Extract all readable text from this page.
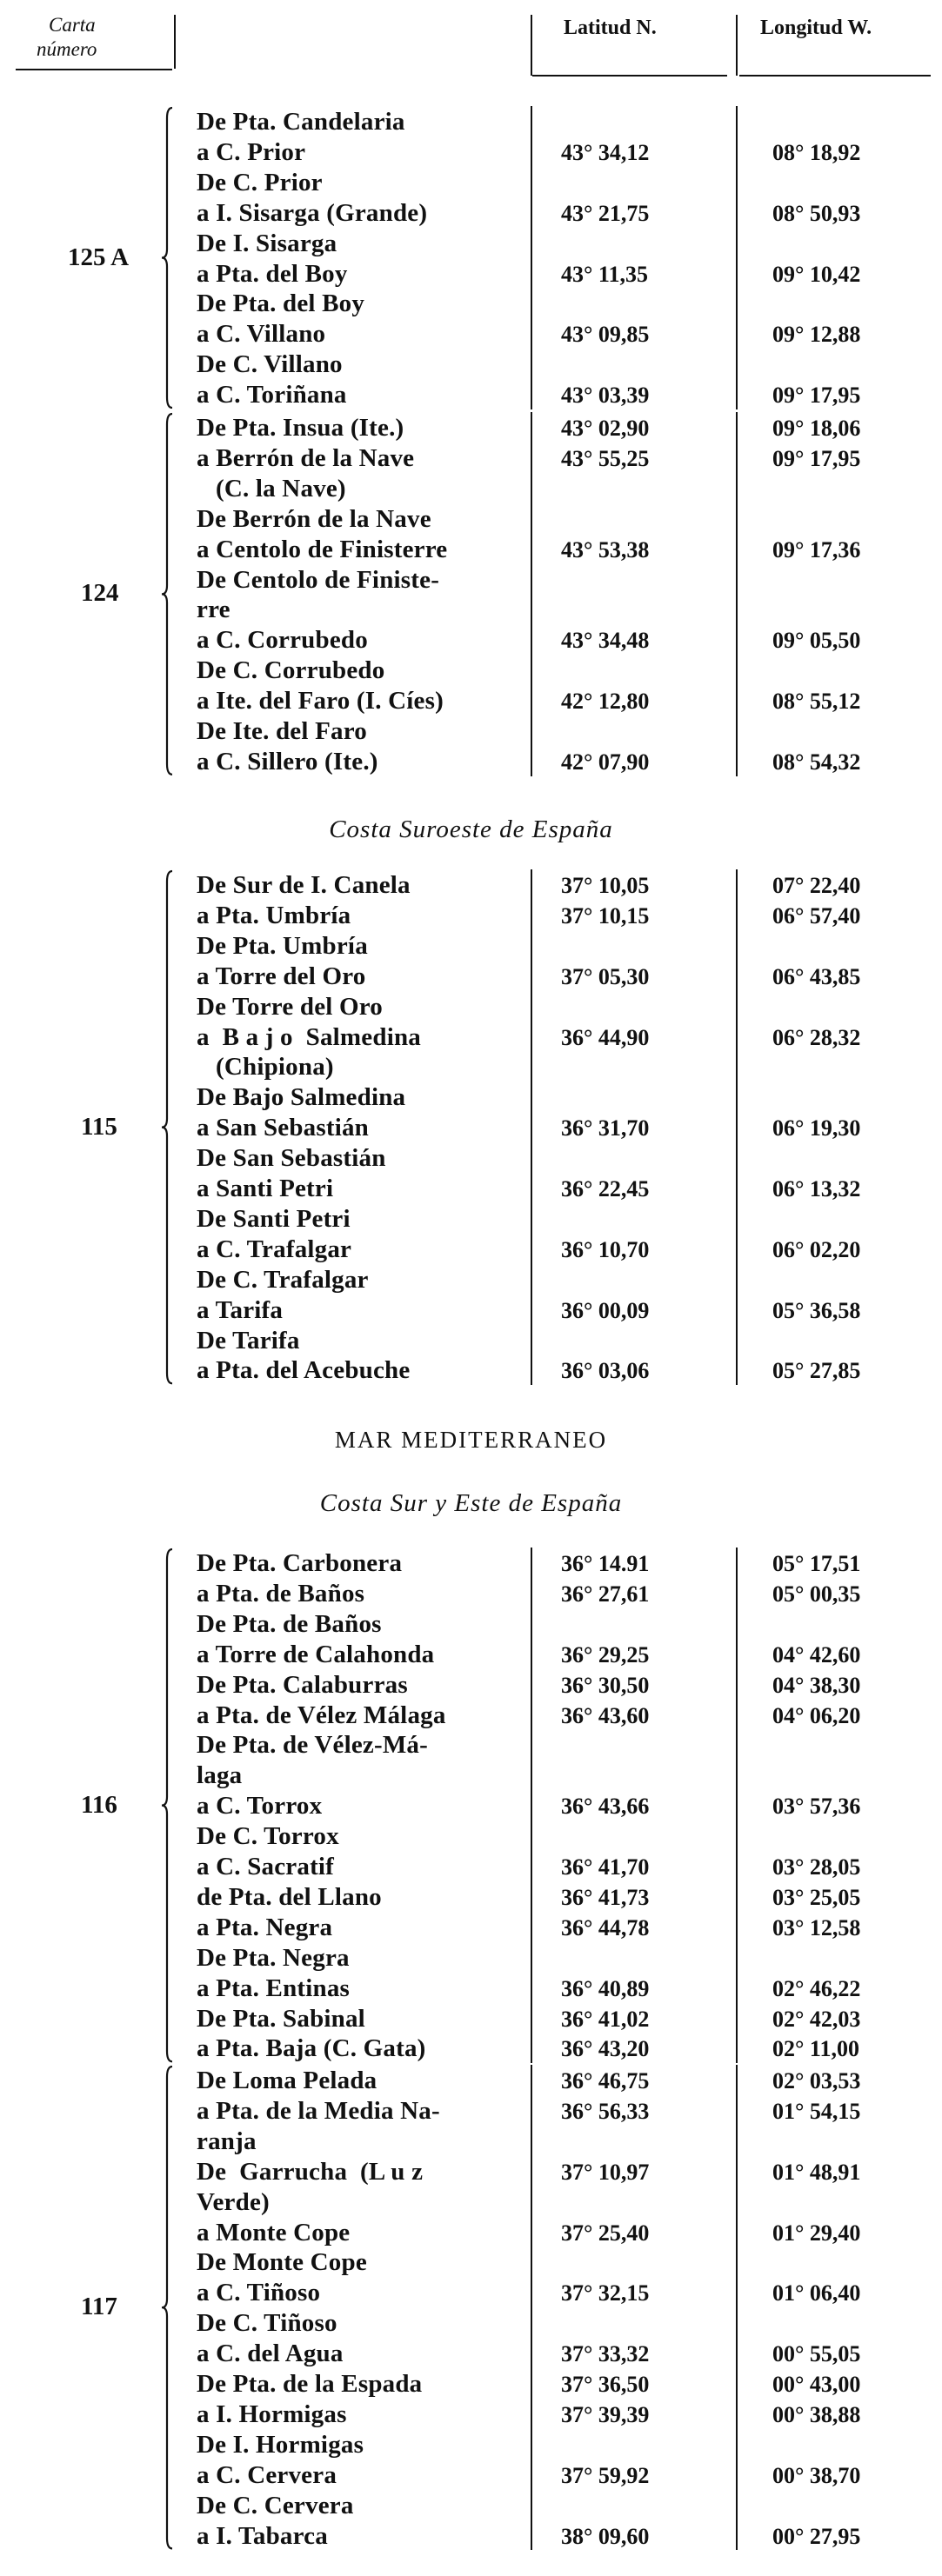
Carta
número
Latitud N.	Longitud W.
125 A
De Pta. Candelaria
a C. Prior	43° 34,12	08° 18,92
De C. Prior
a I. Sisarga (Grande)	43° 21,75	08° 50,93
De I. Sisarga
a Pta. del Boy	43° 11,35	09° 10,42
De Pta. del Boy
a C. Villano	43° 09,85	09° 12,88
De C. Villano
a C. Toriñana	43° 03,39	09° 17,95
124
De Pta. Insua (Ite.)	43° 02,90	09° 18,06
a Berrón de la Nave	43° 55,25	09° 17,95
(C. la Nave)
De Berrón de la Nave
a Centolo de Finisterre	43° 53,38	09° 17,36
De Centolo de Finiste-
rre
a C. Corrubedo	43° 34,48	09° 05,50
De C. Corrubedo
a Ite. del Faro (I. Cíes)	42° 12,80	08° 55,12
De Ite. del Faro
a C. Sillero (Ite.)	42° 07,90	08° 54,32
Costa Suroeste de España
115
De Sur de I. Canela	37° 10,05	07° 22,40
a Pta. Umbría	37° 10,15	06° 57,40
De Pta. Umbría
a Torre del Oro	37° 05,30	06° 43,85
De Torre del Oro
a  B a j o  Salmedina	36° 44,90	06° 28,32
(Chipiona)
De Bajo Salmedina
a San Sebastián	36° 31,70	06° 19,30
De San Sebastián
a Santi Petri	36° 22,45	06° 13,32
De Santi Petri
a C. Trafalgar	36° 10,70	06° 02,20
De C. Trafalgar
a Tarifa	36° 00,09	05° 36,58
De Tarifa
a Pta. del Acebuche	36° 03,06	05° 27,85
MAR MEDITERRANEO
Costa Sur y Este de España
116
De Pta. Carbonera	36° 14.91	05° 17,51
a Pta. de Baños	36° 27,61	05° 00,35
De Pta. de Baños
a Torre de Calahonda	36° 29,25	04° 42,60
De Pta. Calaburras	36° 30,50	04° 38,30
a Pta. de Vélez Málaga	36° 43,60	04° 06,20
De Pta. de Vélez-Má-
laga
a C. Torrox	36° 43,66	03° 57,36
De C. Torrox
a C. Sacratif	36° 41,70	03° 28,05
de Pta. del Llano	36° 41,73	03° 25,05
a Pta. Negra	36° 44,78	03° 12,58
De Pta. Negra
a Pta. Entinas	36° 40,89	02° 46,22
De Pta. Sabinal	36° 41,02	02° 42,03
a Pta. Baja (C. Gata)	36° 43,20	02° 11,00
117
De Loma Pelada	36° 46,75	02° 03,53
a Pta. de la Media Na-	36° 56,33	01° 54,15
ranja
De  Garrucha  (L u z	37° 10,97	01° 48,91
Verde)
a Monte Cope	37° 25,40	01° 29,40
De Monte Cope
a C. Tiñoso	37° 32,15	01° 06,40
De C. Tiñoso
a C. del Agua	37° 33,32	00° 55,05
De Pta. de la Espada	37° 36,50	00° 43,00
a I. Hormigas	37° 39,39	00° 38,88
De I. Hormigas
a C. Cervera	37° 59,92	00° 38,70
De C. Cervera
a I. Tabarca	38° 09,60	00° 27,95
